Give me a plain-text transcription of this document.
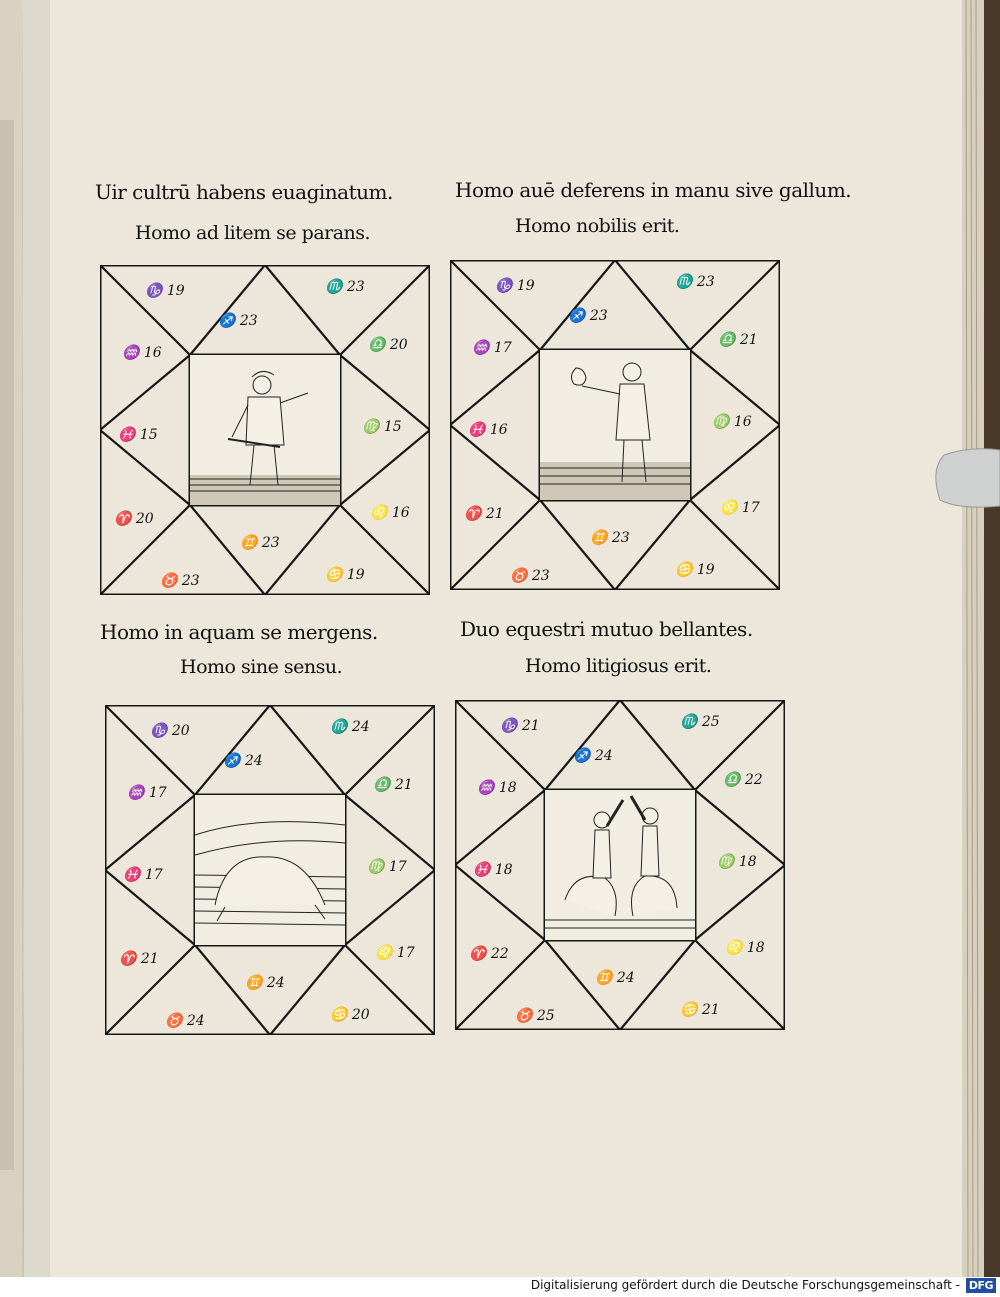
Uir cultrū habens euaginatum.
Homo ad litem se parans.
Homo auē deferens in manu sive gallum.
Homo nobilis erit.
Homo in aquam se mergens.
Homo sine sensu.
Duo equestri mutuo bellantes.
Homo litigiosus erit.
♑ 19	♏ 23
♐ 23
♒ 16	♎ 20
♓ 15	♍ 15
♈ 20	♌ 16
♊ 23
♉ 23	♋ 19
♑ 19	♏ 23
♐ 23
♒ 17	♎ 21
♓ 16	♍ 16
♈ 21	♌ 17
♊ 23
♉ 23	♋ 19
♑ 20	♏ 24
♐ 24
♒ 17	♎ 21
♓ 17	♍ 17
♈ 21	♌ 17
♊ 24
♉ 24	♋ 20
♑ 21	♏ 25
♐ 24
♒ 18	♎ 22
♓ 18	♍ 18
♈ 22	♌ 18
♊ 24
♉ 25	♋ 21
Digitalisierung gefördert durch die Deutsche Forschungsgemeinschaft - DFG
